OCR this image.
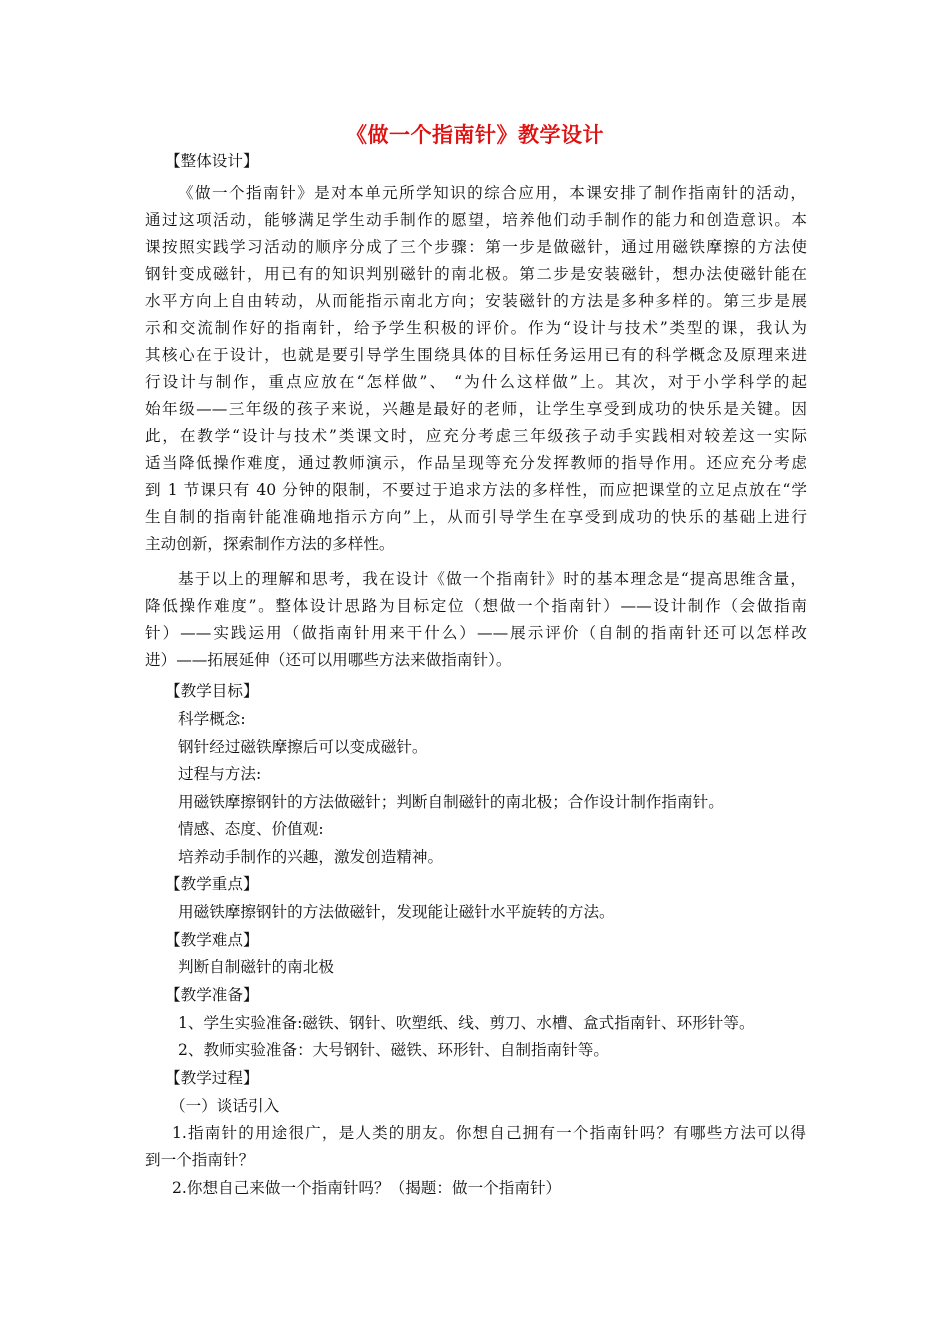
《做一个指南针》教学设计
【整体设计】
《做一个指南针》是对本单元所学知识的综合应用，本课安排了制作指南针的活动，
通过这项活动，能够满足学生动手制作的愿望，培养他们动手制作的能力和创造意识。本
课按照实践学习活动的顺序分成了三个步骤：第一步是做磁针，通过用磁铁摩擦的方法使
钢针变成磁针，用已有的知识判别磁针的南北极。第二步是安装磁针，想办法使磁针能在
水平方向上自由转动，从而能指示南北方向；安装磁针的方法是多种多样的。第三步是展
示和交流制作好的指南针，给予学生积极的评价。作为“设计与技术”类型的课，我认为
其核心在于设计，也就是要引导学生围绕具体的目标任务运用已有的科学概念及原理来进
行设计与制作，重点应放在“怎样做”、 “为什么这样做”上。其次，对于小学科学的起
始年级——三年级的孩子来说，兴趣是最好的老师，让学生享受到成功的快乐是关键。因
此，在教学“设计与技术”类课文时，应充分考虑三年级孩子动手实践相对较差这一实际
适当降低操作难度，通过教师演示，作品呈现等充分发挥教师的指导作用。还应充分考虑
到 1 节课只有 40 分钟的限制，不要过于追求方法的多样性，而应把课堂的立足点放在“学
生自制的指南针能准确地指示方向”上，从而引导学生在享受到成功的快乐的基础上进行
主动创新，探索制作方法的多样性。
基于以上的理解和思考，我在设计《做一个指南针》时的基本理念是“提高思维含量，
降低操作难度”。整体设计思路为目标定位（想做一个指南针）——设计制作（会做指南
针）——实践运用（做指南针用来干什么）——展示评价（自制的指南针还可以怎样改
进）——拓展延伸（还可以用哪些方法来做指南针）。
【教学目标】
科学概念:
钢针经过磁铁摩擦后可以变成磁针。
过程与方法:
用磁铁摩擦钢针的方法做磁针；判断自制磁针的南北极；合作设计制作指南针。
情感、态度、价值观:
培养动手制作的兴趣，激发创造精神。
【教学重点】
用磁铁摩擦钢针的方法做磁针，发现能让磁针水平旋转的方法。
【教学难点】
判断自制磁针的南北极
【教学准备】
1、学生实验准备:磁铁、钢针、吹塑纸、线、剪刀、水槽、盒式指南针、环形针等。
2、教师实验准备：大号钢针、磁铁、环形针、自制指南针等。
【教学过程】
（一）谈话引入
1.指南针的用途很广，是人类的朋友。你想自己拥有一个指南针吗？有哪些方法可以得
到一个指南针？
2.你想自己来做一个指南针吗？（揭题：做一个指南针）
